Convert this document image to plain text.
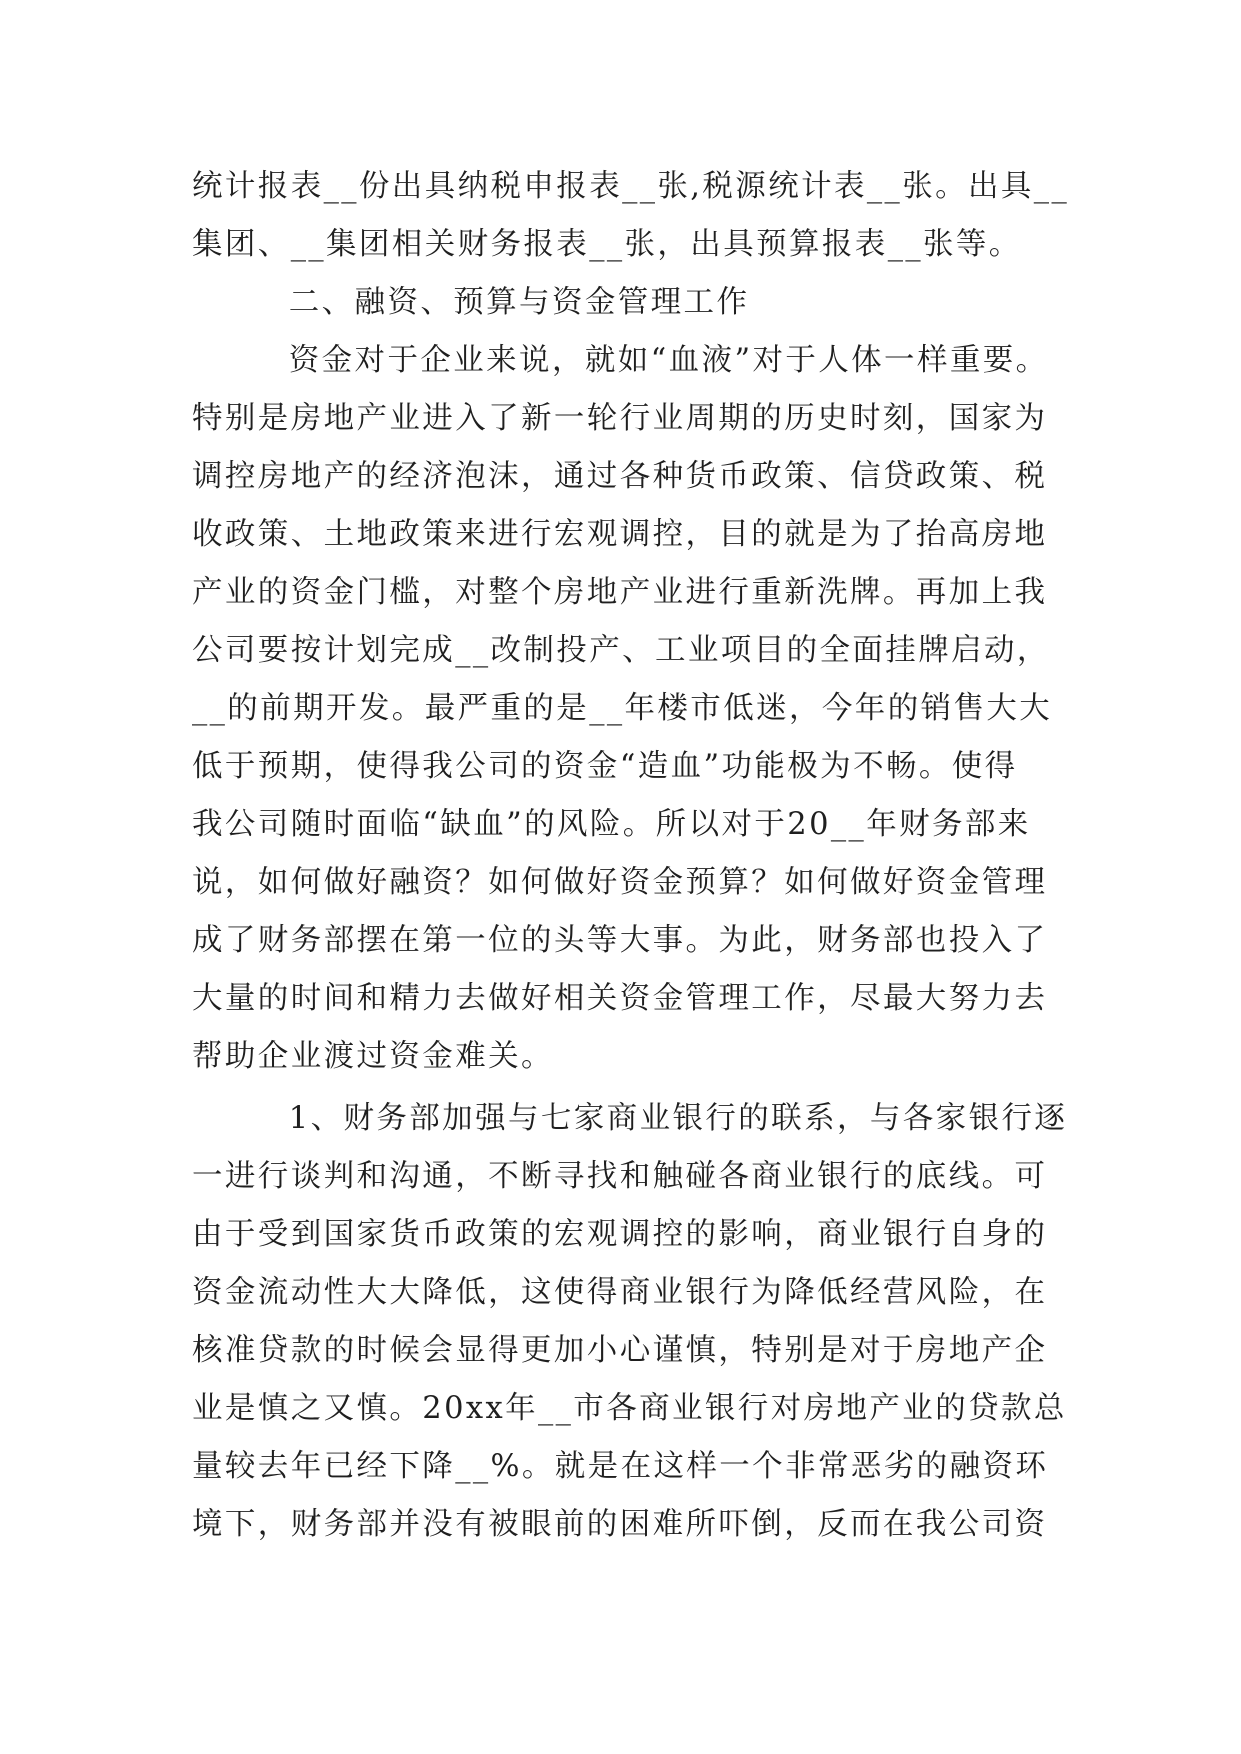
统计报表__份出具纳税申报表__张,税源统计表__张。出具__
集团、__集团相关财务报表__张，出具预算报表__张等。
二、融资、预算与资金管理工作
资金对于企业来说，就如“血液”对于人体一样重要。
特别是房地产业进入了新一轮行业周期的历史时刻，国家为
调控房地产的经济泡沫，通过各种货币政策、信贷政策、税
收政策、土地政策来进行宏观调控，目的就是为了抬高房地
产业的资金门槛，对整个房地产业进行重新洗牌。再加上我
公司要按计划完成__改制投产、工业项目的全面挂牌启动，
__的前期开发。最严重的是__年楼市低迷，今年的销售大大
低于预期，使得我公司的资金“造血”功能极为不畅。使得
我公司随时面临“缺血”的风险。所以对于20__年财务部来
说，如何做好融资？如何做好资金预算？如何做好资金管理
成了财务部摆在第一位的头等大事。为此，财务部也投入了
大量的时间和精力去做好相关资金管理工作，尽最大努力去
帮助企业渡过资金难关。
1、财务部加强与七家商业银行的联系，与各家银行逐
一进行谈判和沟通，不断寻找和触碰各商业银行的底线。可
由于受到国家货币政策的宏观调控的影响，商业银行自身的
资金流动性大大降低，这使得商业银行为降低经营风险，在
核准贷款的时候会显得更加小心谨慎，特别是对于房地产企
业是慎之又慎。20xx年__市各商业银行对房地产业的贷款总
量较去年已经下降__%。就是在这样一个非常恶劣的融资环
境下，财务部并没有被眼前的困难所吓倒，反而在我公司资
